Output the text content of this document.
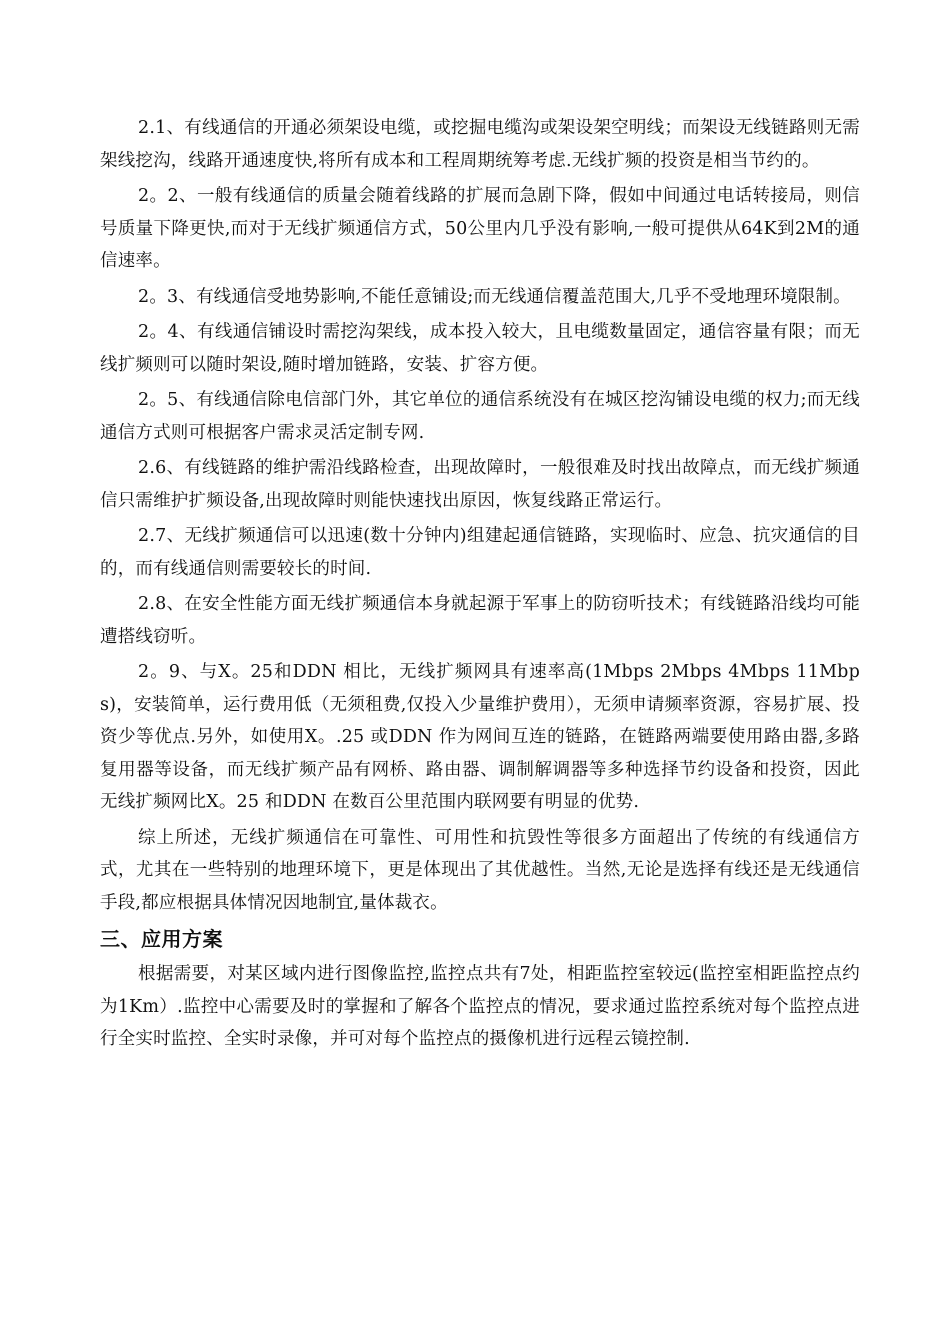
2.1、有线通信的开通必须架设电缆，或挖掘电缆沟或架设架空明线；而架设无线链路则无需架线挖沟，线路开通速度快,将所有成本和工程周期统筹考虑.无线扩频的投资是相当节约的。

2。2、一般有线通信的质量会随着线路的扩展而急剧下降，假如中间通过电话转接局，则信号质量下降更快,而对于无线扩频通信方式，50公里内几乎没有影响,一般可提供从64K到2M的通信速率。

2。3、有线通信受地势影响,不能任意铺设;而无线通信覆盖范围大,几乎不受地理环境限制。

2。4、有线通信铺设时需挖沟架线，成本投入较大，且电缆数量固定，通信容量有限；而无线扩频则可以随时架设,随时增加链路，安装、扩容方便。

2。5、有线通信除电信部门外，其它单位的通信系统没有在城区挖沟铺设电缆的权力;而无线通信方式则可根据客户需求灵活定制专网.

2.6、有线链路的维护需沿线路检查，出现故障时，一般很难及时找出故障点，而无线扩频通信只需维护扩频设备,出现故障时则能快速找出原因，恢复线路正常运行。

2.7、无线扩频通信可以迅速(数十分钟内)组建起通信链路，实现临时、应急、抗灾通信的目的，而有线通信则需要较长的时间.

2.8、在安全性能方面无线扩频通信本身就起源于军事上的防窃听技术；有线链路沿线均可能遭搭线窃听。

2。9、与X。25和DDN 相比，无线扩频网具有速率高(1Mbps 2Mbps 4Mbps 11Mbps)，安装简单，运行费用低（无须租费,仅投入少量维护费用），无须申请频率资源，容易扩展、投资少等优点.另外，如使用X。.25 或DDN 作为网间互连的链路，在链路两端要使用路由器,多路复用器等设备，而无线扩频产品有网桥、路由器、调制解调器等多种选择节约设备和投资，因此无线扩频网比X。25 和DDN 在数百公里范围内联网要有明显的优势.

综上所述，无线扩频通信在可靠性、可用性和抗毁性等很多方面超出了传统的有线通信方式，尤其在一些特别的地理环境下，更是体现出了其优越性。当然,无论是选择有线还是无线通信手段,都应根据具体情况因地制宜,量体裁衣。

三、应用方案

根据需要，对某区域内进行图像监控,监控点共有7处，相距监控室较远(监控室相距监控点约为1Km）.监控中心需要及时的掌握和了解各个监控点的情况，要求通过监控系统对每个监控点进行全实时监控、全实时录像，并可对每个监控点的摄像机进行远程云镜控制.
